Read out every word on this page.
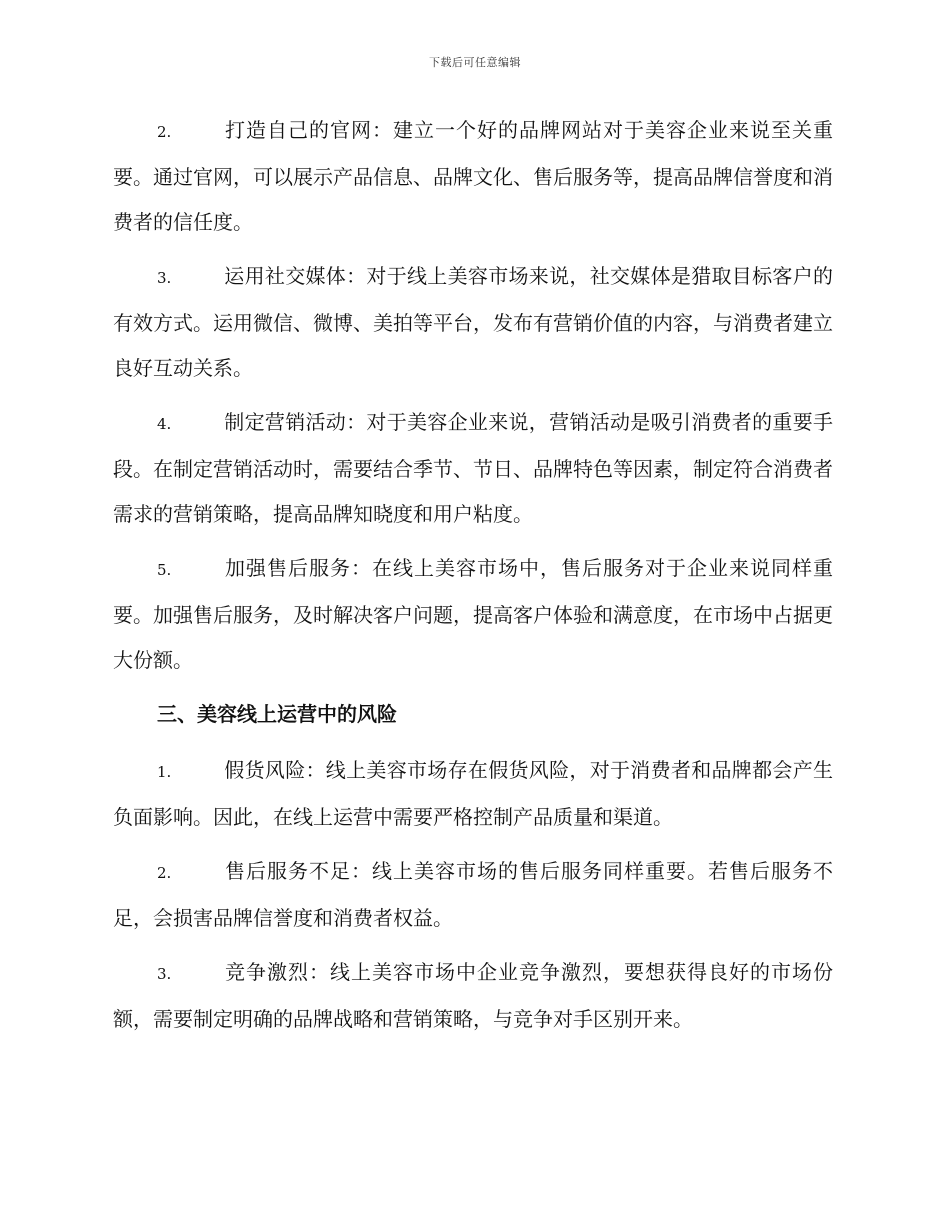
下载后可任意编辑

2.	打造自己的官网：建立一个好的品牌网站对于美容企业来说至关重要。通过官网，可以展示产品信息、品牌文化、售后服务等，提高品牌信誉度和消费者的信任度。

3.	运用社交媒体：对于线上美容市场来说，社交媒体是猎取目标客户的有效方式。运用微信、微博、美拍等平台，发布有营销价值的内容，与消费者建立良好互动关系。

4.	制定营销活动：对于美容企业来说，营销活动是吸引消费者的重要手段。在制定营销活动时，需要结合季节、节日、品牌特色等因素，制定符合消费者需求的营销策略，提高品牌知晓度和用户粘度。

5.	加强售后服务：在线上美容市场中，售后服务对于企业来说同样重要。加强售后服务，及时解决客户问题，提高客户体验和满意度，在市场中占据更大份额。

三、美容线上运营中的风险

1.	假货风险：线上美容市场存在假货风险，对于消费者和品牌都会产生负面影响。因此，在线上运营中需要严格控制产品质量和渠道。

2.	售后服务不足：线上美容市场的售后服务同样重要。若售后服务不足，会损害品牌信誉度和消费者权益。

3.	竞争激烈：线上美容市场中企业竞争激烈，要想获得良好的市场份额，需要制定明确的品牌战略和营销策略，与竞争对手区别开来。
